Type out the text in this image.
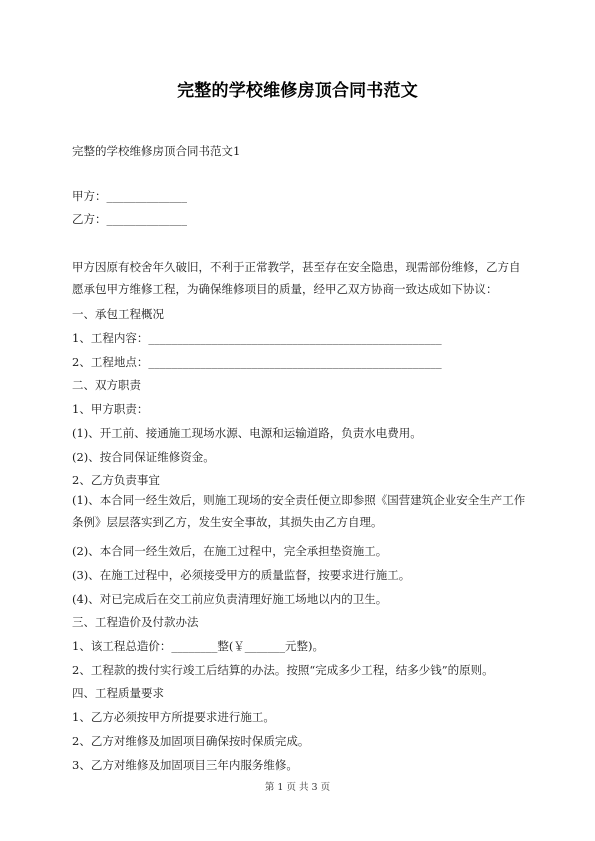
完整的学校维修房顶合同书范文
完整的学校维修房顶合同书范文1
甲方：______________
乙方：______________
甲方因原有校舍年久破旧，不利于正常教学，甚至存在安全隐患，现需部份维修，乙方自愿承包甲方维修工程，为确保维修项目的质量，经甲乙双方协商一致达成如下协议：
一、承包工程概况
1、工程内容：___________________________________________________
2、工程地点：___________________________________________________
二、双方职责
1、甲方职责：
(1)、开工前、接通施工现场水源、电源和运输道路，负责水电费用。
(2)、按合同保证维修资金。
2、乙方负责事宜
(1)、本合同一经生效后，则施工现场的安全责任便立即参照《国营建筑企业安全生产工作条例》层层落实到乙方，发生安全事故，其损失由乙方自理。
(2)、本合同一经生效后，在施工过程中，完全承担垫资施工。
(3)、在施工过程中，必须接受甲方的质量监督，按要求进行施工。
(4)、对已完成后在交工前应负责清理好施工场地以内的卫生。
三、工程造价及付款办法
1、该工程总造价：________整(￥_______元整)。
2、工程款的拨付实行竣工后结算的办法。按照“完成多少工程，结多少钱”的原则。
四、工程质量要求
1、乙方必须按甲方所提要求进行施工。
2、乙方对维修及加固项目确保按时保质完成。
3、乙方对维修及加固项目三年内服务维修。
第 1 页 共 3 页
